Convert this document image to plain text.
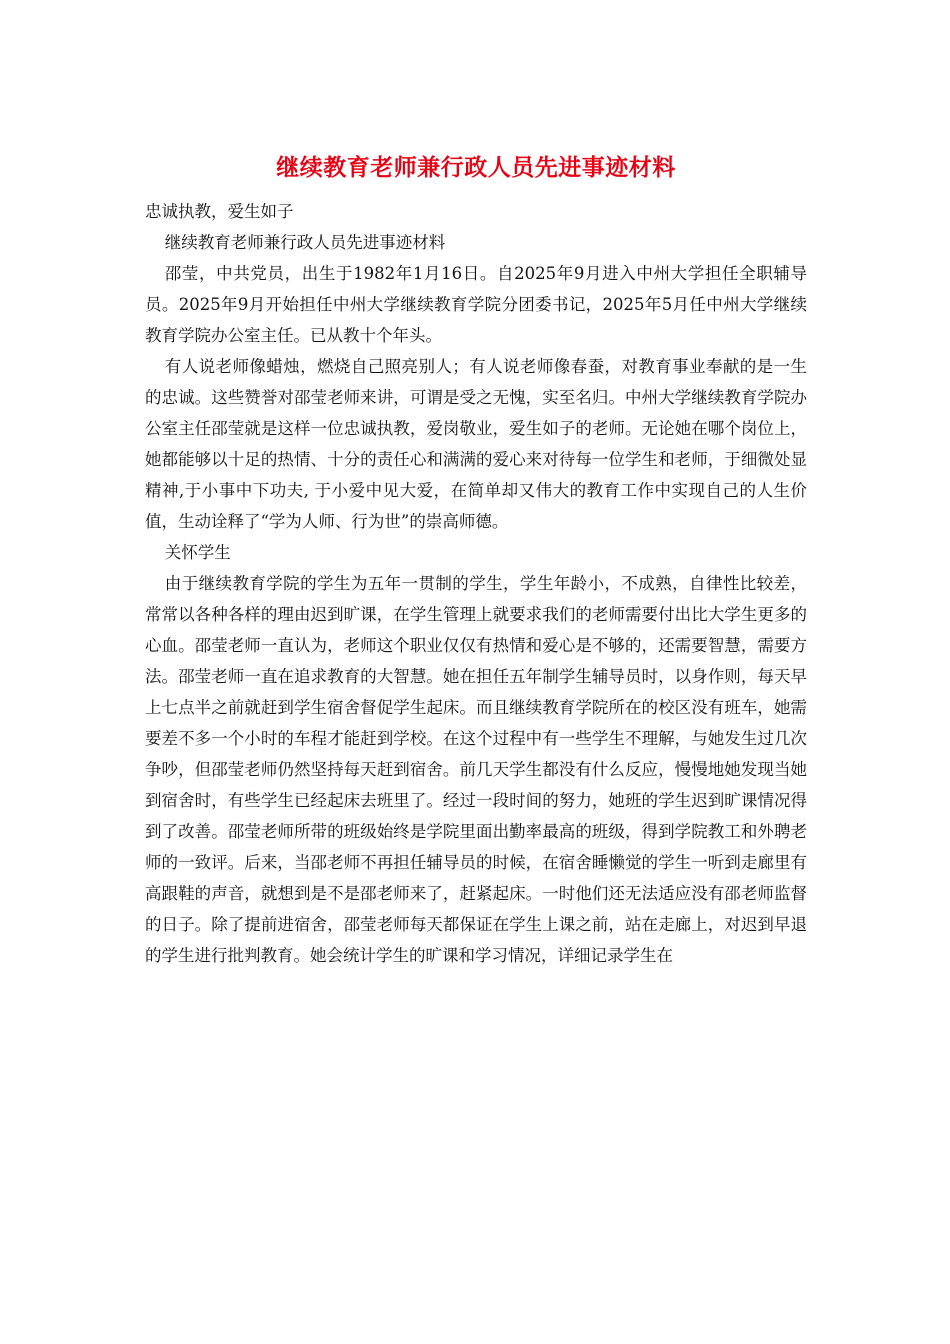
继续教育老师兼行政人员先进事迹材料

忠诚执教，爱生如子

继续教育老师兼行政人员先进事迹材料

邵莹，中共党员，出生于1982年1月16日。自2025年9月进入中州大学担任全职辅导员。2025年9月开始担任中州大学继续教育学院分团委书记，2025年5月任中州大学继续教育学院办公室主任。已从教十个年头。

有人说老师像蜡烛，燃烧自己照亮别人；有人说老师像春蚕，对教育事业奉献的是一生的忠诚。这些赞誉对邵莹老师来讲，可谓是受之无愧，实至名归。中州大学继续教育学院办公室主任邵莹就是这样一位忠诚执教，爱岗敬业，爱生如子的老师。无论她在哪个岗位上，她都能够以十足的热情、十分的责任心和满满的爱心来对待每一位学生和老师，于细微处显精神,于小事中下功夫, 于小爱中见大爱，在简单却又伟大的教育工作中实现自己的人生价值，生动诠释了“学为人师、行为世”的崇高师德。

关怀学生

由于继续教育学院的学生为五年一贯制的学生，学生年龄小，不成熟，自律性比较差，常常以各种各样的理由迟到旷课，在学生管理上就要求我们的老师需要付出比大学生更多的心血。邵莹老师一直认为，老师这个职业仅仅有热情和爱心是不够的，还需要智慧，需要方法。邵莹老师一直在追求教育的大智慧。她在担任五年制学生辅导员时，以身作则，每天早上七点半之前就赶到学生宿舍督促学生起床。而且继续教育学院所在的校区没有班车，她需要差不多一个小时的车程才能赶到学校。在这个过程中有一些学生不理解，与她发生过几次争吵，但邵莹老师仍然坚持每天赶到宿舍。前几天学生都没有什么反应，慢慢地她发现当她到宿舍时，有些学生已经起床去班里了。经过一段时间的努力，她班的学生迟到旷课情况得到了改善。邵莹老师所带的班级始终是学院里面出勤率最高的班级，得到学院教工和外聘老师的一致评。后来，当邵老师不再担任辅导员的时候，在宿舍睡懒觉的学生一听到走廊里有高跟鞋的声音，就想到是不是邵老师来了，赶紧起床。一时他们还无法适应没有邵老师监督的日子。除了提前进宿舍，邵莹老师每天都保证在学生上课之前，站在走廊上，对迟到早退的学生进行批判教育。她会统计学生的旷课和学习情况，详细记录学生在
